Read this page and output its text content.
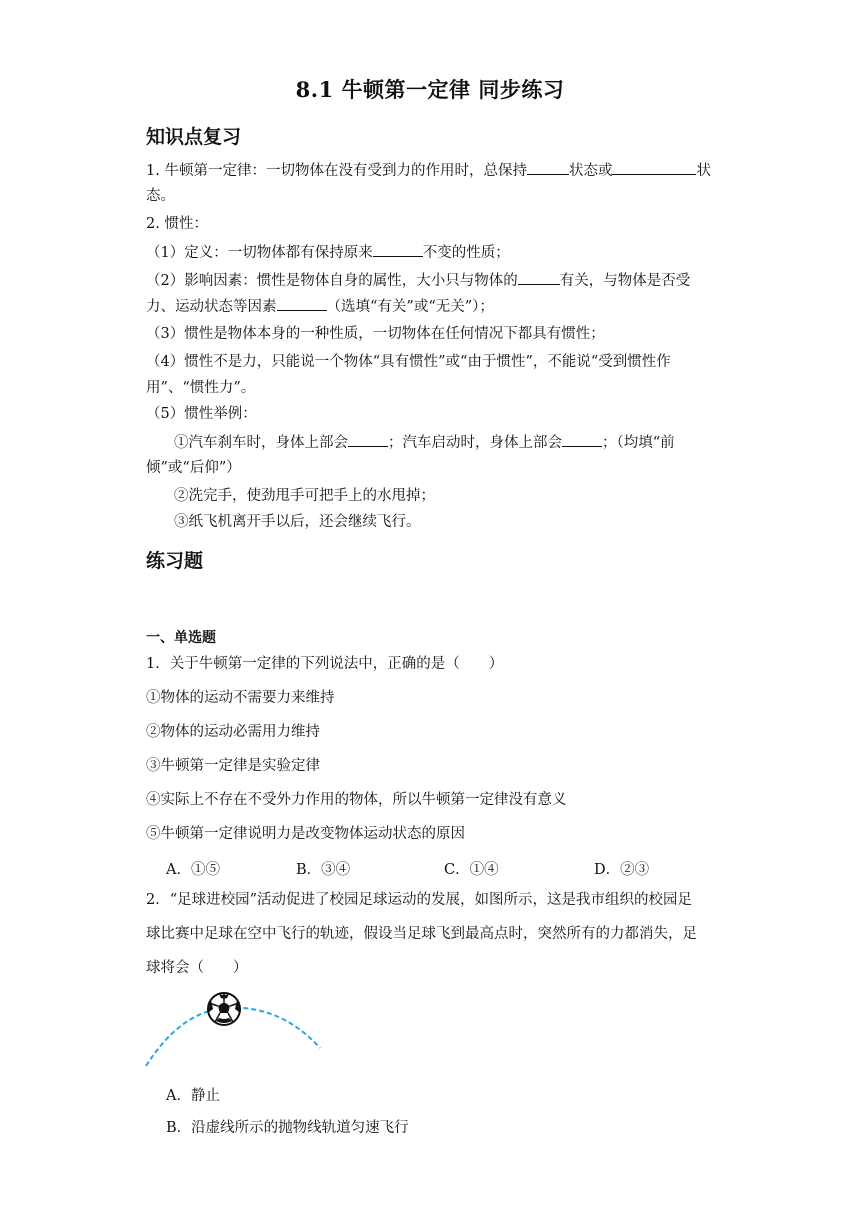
8.1 牛顿第一定律 同步练习
知识点复习
1. 牛顿第一定律：一切物体在没有受到力的作用时，总保持	状态或	状
态。
2. 惯性：
（1）定义：一切物体都有保持原来	不变的性质；
（2）影响因素：惯性是物体自身的属性，大小只与物体的	有关，与物体是否受
力、运动状态等因素	（选填“有关”或“无关”）；
（3）惯性是物体本身的一种性质，一切物体在任何情况下都具有惯性；
（4）惯性不是力，只能说一个物体“具有惯性”或“由于惯性”，不能说“受到惯性作
用”、“惯性力”。
（5）惯性举例：
①汽车刹车时，身体上部会	；汽车启动时，身体上部会	；（均填“前
倾”或“后仰”）
②洗完手，使劲甩手可把手上的水甩掉；
③纸飞机离开手以后，还会继续飞行。
练习题
一、单选题
1．关于牛顿第一定律的下列说法中，正确的是（　　）
①物体的运动不需要力来维持
②物体的运动必需用力维持
③牛顿第一定律是实验定律
④实际上不存在不受外力作用的物体，所以牛顿第一定律没有意义
⑤牛顿第一定律说明力是改变物体运动状态的原因
A．①⑤	B．③④	C．①④	D．②③
2．“足球进校园”活动促进了校园足球运动的发展，如图所示，这是我市组织的校园足
球比赛中足球在空中飞行的轨迹，假设当足球飞到最高点时，突然所有的力都消失，足
球将会（　　）
A．静止
B．沿虚线所示的抛物线轨道匀速飞行
